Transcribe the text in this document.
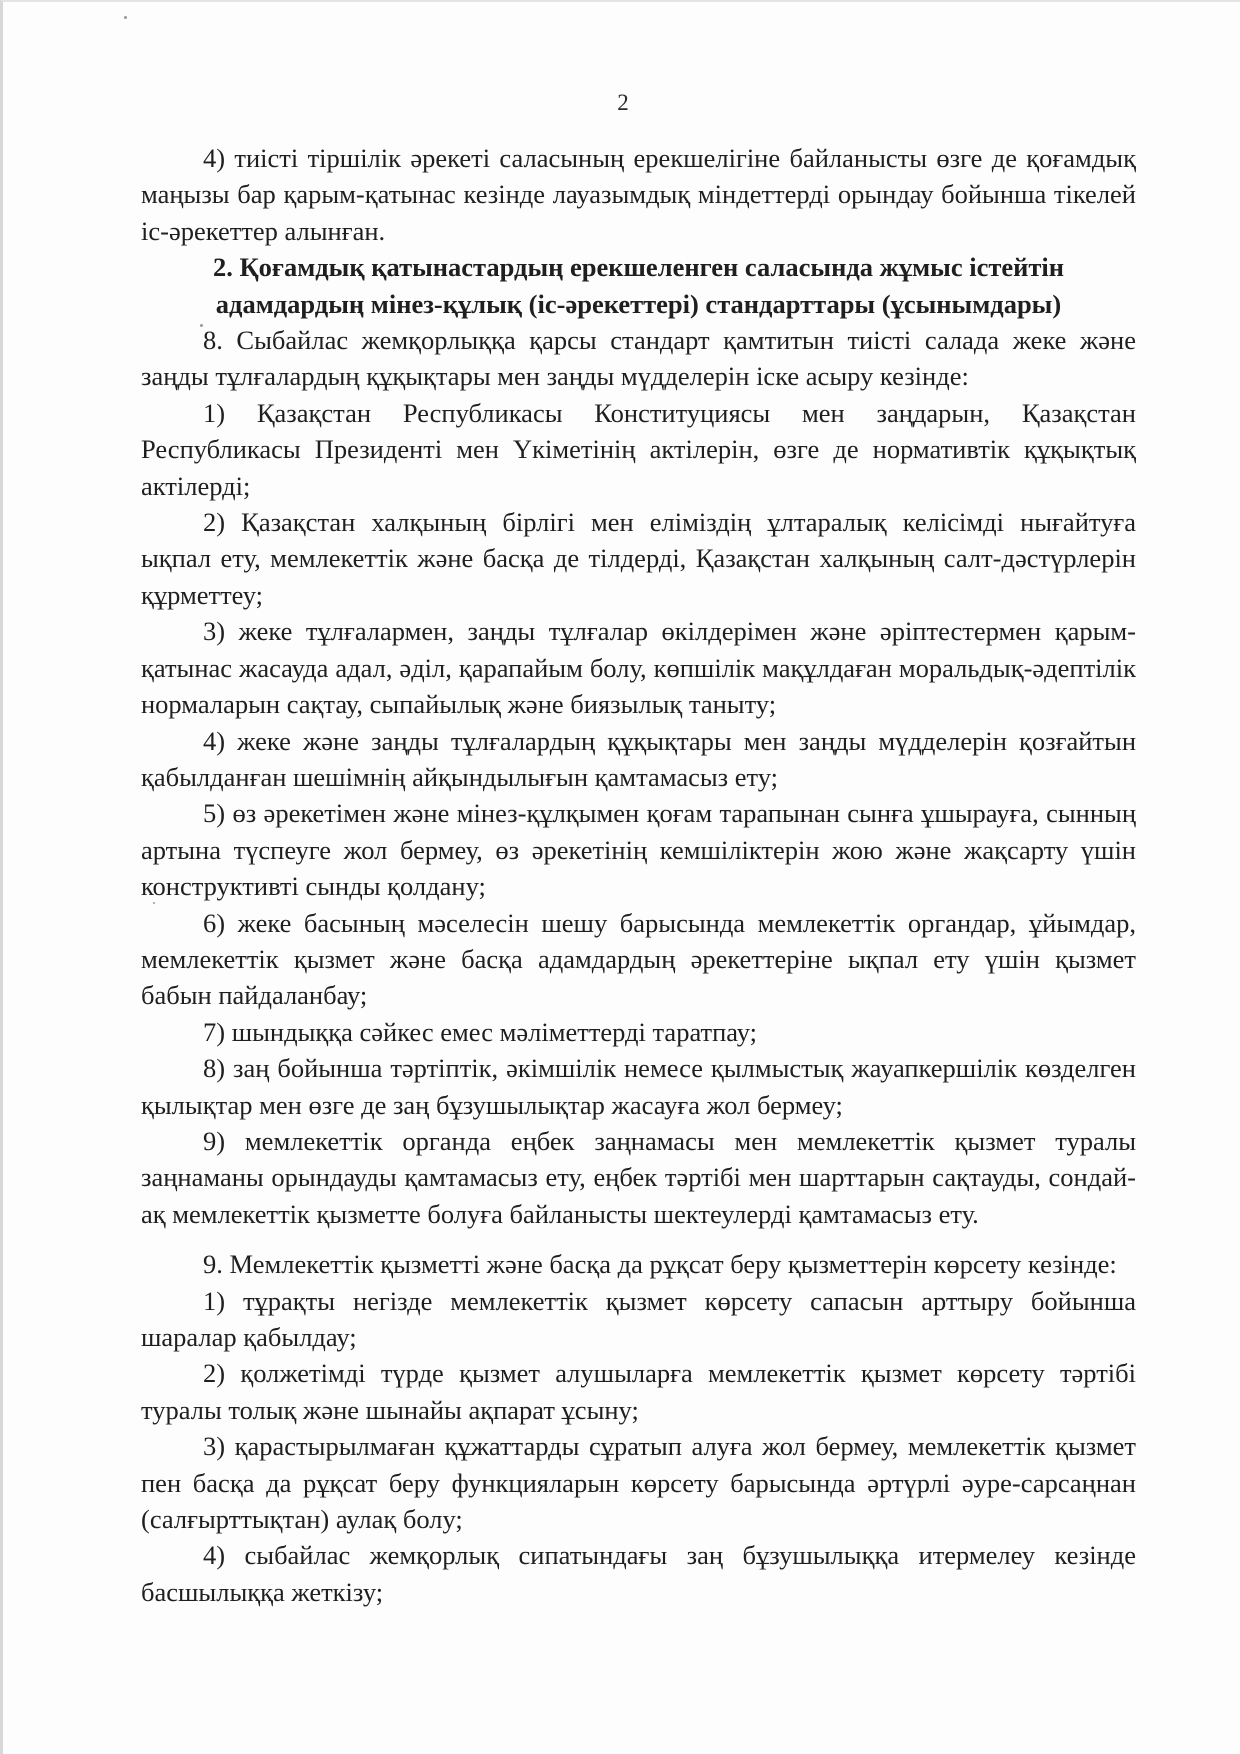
2

4) тиісті тіршілік әрекеті саласының ерекшелігіне байланысты өзге де қоғамдық маңызы бар қарым-қатынас кезінде лауазымдық міндеттерді орындау бойынша тікелей іс-әрекеттер алынған.

2. Қоғамдық қатынастардың ерекшеленген саласында жұмыс істейтін адамдардың мінез-құлық (іс-әрекеттері) стандарттары (ұсынымдары)

8. Сыбайлас жемқорлыққа қарсы стандарт қамтитын тиісті салада жеке және заңды тұлғалардың құқықтары мен заңды мүдделерін іске асыру кезінде:

1) Қазақстан Республикасы Конституциясы мен заңдарын, Қазақстан Республикасы Президенті мен Үкіметінің актілерін, өзге де нормативтік құқықтық актілерді;

2) Қазақстан халқының бірлігі мен еліміздің ұлтаралық келісімді нығайтуға ықпал ету, мемлекеттік және басқа де тілдерді, Қазақстан халқының салт-дәстүрлерін құрметтеу;

3) жеке тұлғалармен, заңды тұлғалар өкілдерімен және әріптестермен қарым-қатынас жасауда адал, әділ, қарапайым болу, көпшілік мақұлдаған моральдық-әдептілік нормаларын сақтау, сыпайылық және биязылық таныту;

4) жеке және заңды тұлғалардың құқықтары мен заңды мүдделерін қозғайтын қабылданған шешімнің айқындылығын қамтамасыз ету;

5) өз әрекетімен және мінез-құлқымен қоғам тарапынан сынға ұшырауға, сынның артына түспеуге жол бермеу, өз әрекетінің кемшіліктерін жою және жақсарту үшін конструктивті сынды қолдану;

6) жеке басының мәселесін шешу барысында мемлекеттік органдар, ұйымдар, мемлекеттік қызмет және басқа адамдардың әрекеттеріне ықпал ету үшін қызмет бабын пайдаланбау;

7) шындыққа сәйкес емес мәліметтерді таратпау;

8) заң бойынша тәртіптік, әкімшілік немесе қылмыстық жауапкершілік көзделген қылықтар мен өзге де заң бұзушылықтар жасауға жол бермеу;

9) мемлекеттік органда еңбек заңнамасы мен мемлекеттік қызмет туралы заңнаманы орындауды қамтамасыз ету, еңбек тәртібі мен шарттарын сақтауды, сондай-ақ мемлекеттік қызметте болуға байланысты шектеулерді қамтамасыз ету.

9. Мемлекеттік қызметті және басқа да рұқсат беру қызметтерін көрсету кезінде:

1) тұрақты негізде мемлекеттік қызмет көрсету сапасын арттыру бойынша шаралар қабылдау;

2) қолжетімді түрде қызмет алушыларға мемлекеттік қызмет көрсету тәртібі туралы толық және шынайы ақпарат ұсыну;

3) қарастырылмаған құжаттарды сұратып алуға жол бермеу, мемлекеттік қызмет пен басқа да рұқсат беру функцияларын көрсету барысында әртүрлі әуре-сарсаңнан (салғырттықтан) аулақ болу;

4) сыбайлас жемқорлық сипатындағы заң бұзушылыққа итермелеу кезінде басшылыққа жеткізу;
